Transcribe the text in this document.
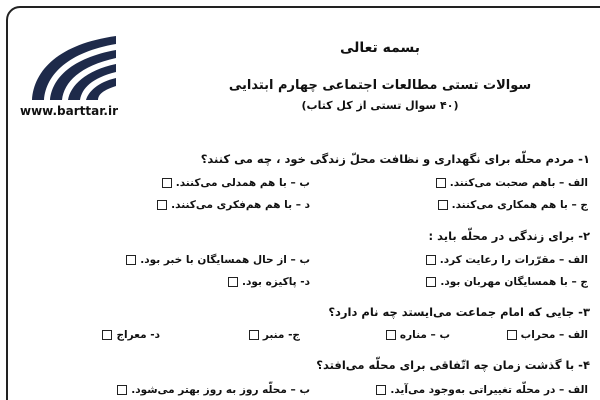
www.barttar.ir
بسمه تعالی
سوالات تستی مطالعات اجتماعی چهارم ابتدایی
(۴۰ سوال تستی از کل کتاب)
۱- مردم محلّه برای نگهداری و نظافت محلّ زندگی خود ، چه می کنند؟
الف – باهم صحبت می‌کنند.
ب – با هم همدلی می‌کنند.
ج – با هم همکاری می‌کنند.
د – با هم هم‌فکری می‌کنند.
۲- برای زندگی در محلّه باید :
الف – مقرّرات را رعایت کرد.
ب – از حال همسایگان با خبر بود.
ج – با همسایگان مهربان بود.
د- پاکیزه بود.
۳- جایی که امام جماعت می‌ایستد چه نام دارد؟
الف – محراب
ب – مناره
ج- منبر
د- معراج
۴- با گذشت زمان چه اتّفاقی برای محلّه می‌افتد؟
الف – در محلّه تغییراتی به‌وجود می‌آید.
ب – محلّه روز به روز بهتر می‌شود.
